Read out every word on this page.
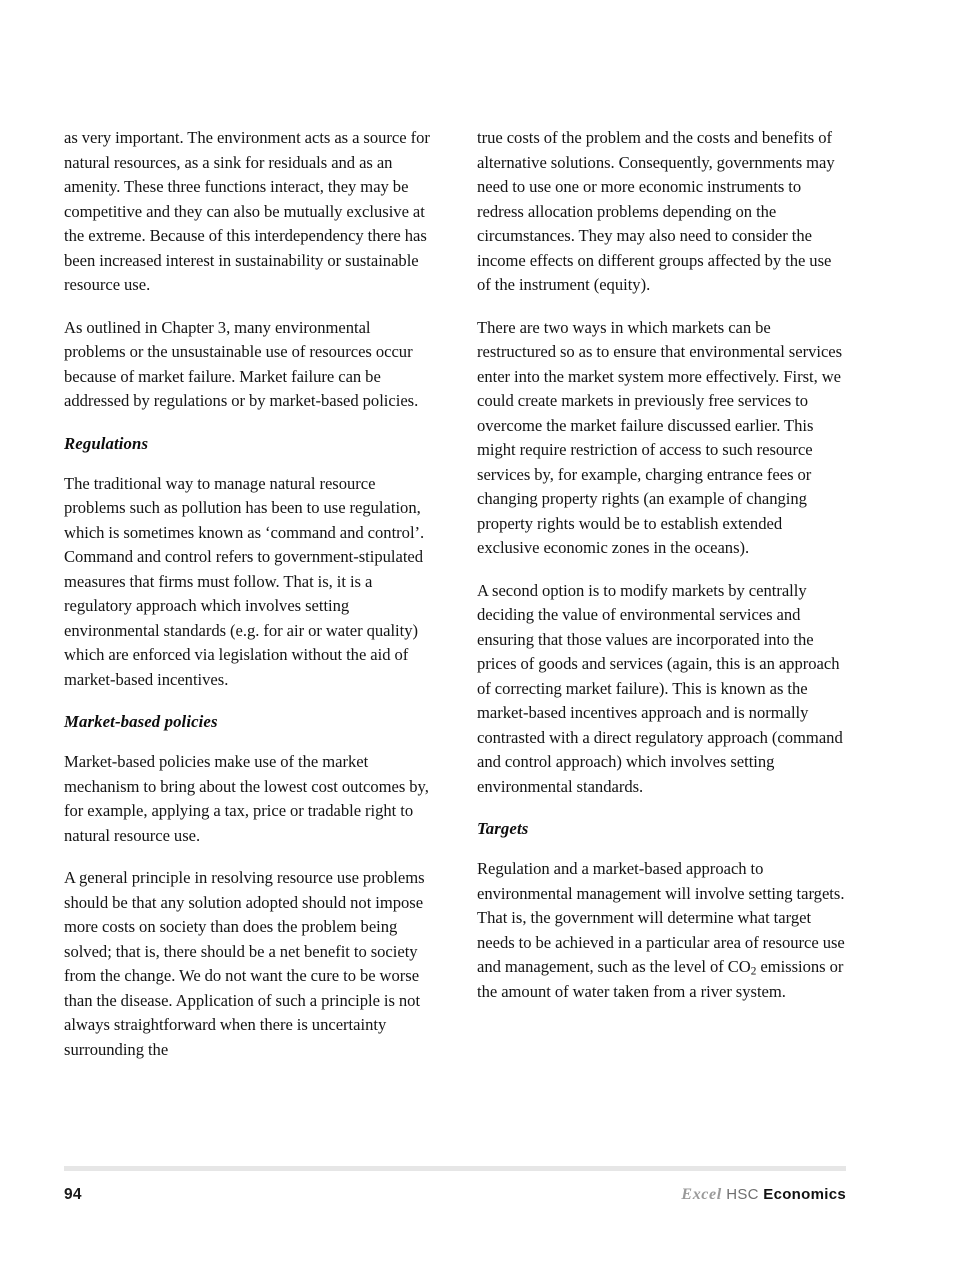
as very important. The environment acts as a source for natural resources, as a sink for residuals and as an amenity. These three functions interact, they may be competitive and they can also be mutually exclusive at the extreme. Because of this interdependency there has been increased interest in sustainability or sustainable resource use.

As outlined in Chapter 3, many environmental problems or the unsustainable use of resources occur because of market failure. Market failure can be addressed by regulations or by market-based policies.

Regulations

The traditional way to manage natural resource problems such as pollution has been to use regulation, which is sometimes known as ‘command and control’. Command and control refers to government-stipulated measures that firms must follow. That is, it is a regulatory approach which involves setting environmental standards (e.g. for air or water quality) which are enforced via legislation without the aid of market-based incentives.

Market-based policies

Market-based policies make use of the market mechanism to bring about the lowest cost outcomes by, for example, applying a tax, price or tradable right to natural resource use.

A general principle in resolving resource use problems should be that any solution adopted should not impose more costs on society than does the problem being solved; that is, there should be a net benefit to society from the change. We do not want the cure to be worse than the disease. Application of such a principle is not always straightforward when there is uncertainty surrounding the

true costs of the problem and the costs and benefits of alternative solutions. Consequently, governments may need to use one or more economic instruments to redress allocation problems depending on the circumstances. They may also need to consider the income effects on different groups affected by the use of the instrument (equity).

There are two ways in which markets can be restructured so as to ensure that environmental services enter into the market system more effectively. First, we could create markets in previously free services to overcome the market failure discussed earlier. This might require restriction of access to such resource services by, for example, charging entrance fees or changing property rights (an example of changing property rights would be to establish extended exclusive economic zones in the oceans).

A second option is to modify markets by centrally deciding the value of environmental services and ensuring that those values are incorporated into the prices of goods and services (again, this is an approach of correcting market failure). This is known as the market-based incentives approach and is normally contrasted with a direct regulatory approach (command and control approach) which involves setting environmental standards.

Targets

Regulation and a market-based approach to environmental management will involve setting targets. That is, the government will determine what target needs to be achieved in a particular area of resource use and management, such as the level of $CO_2$ emissions or the amount of water taken from a river system.

94	Excel HSC Economics
